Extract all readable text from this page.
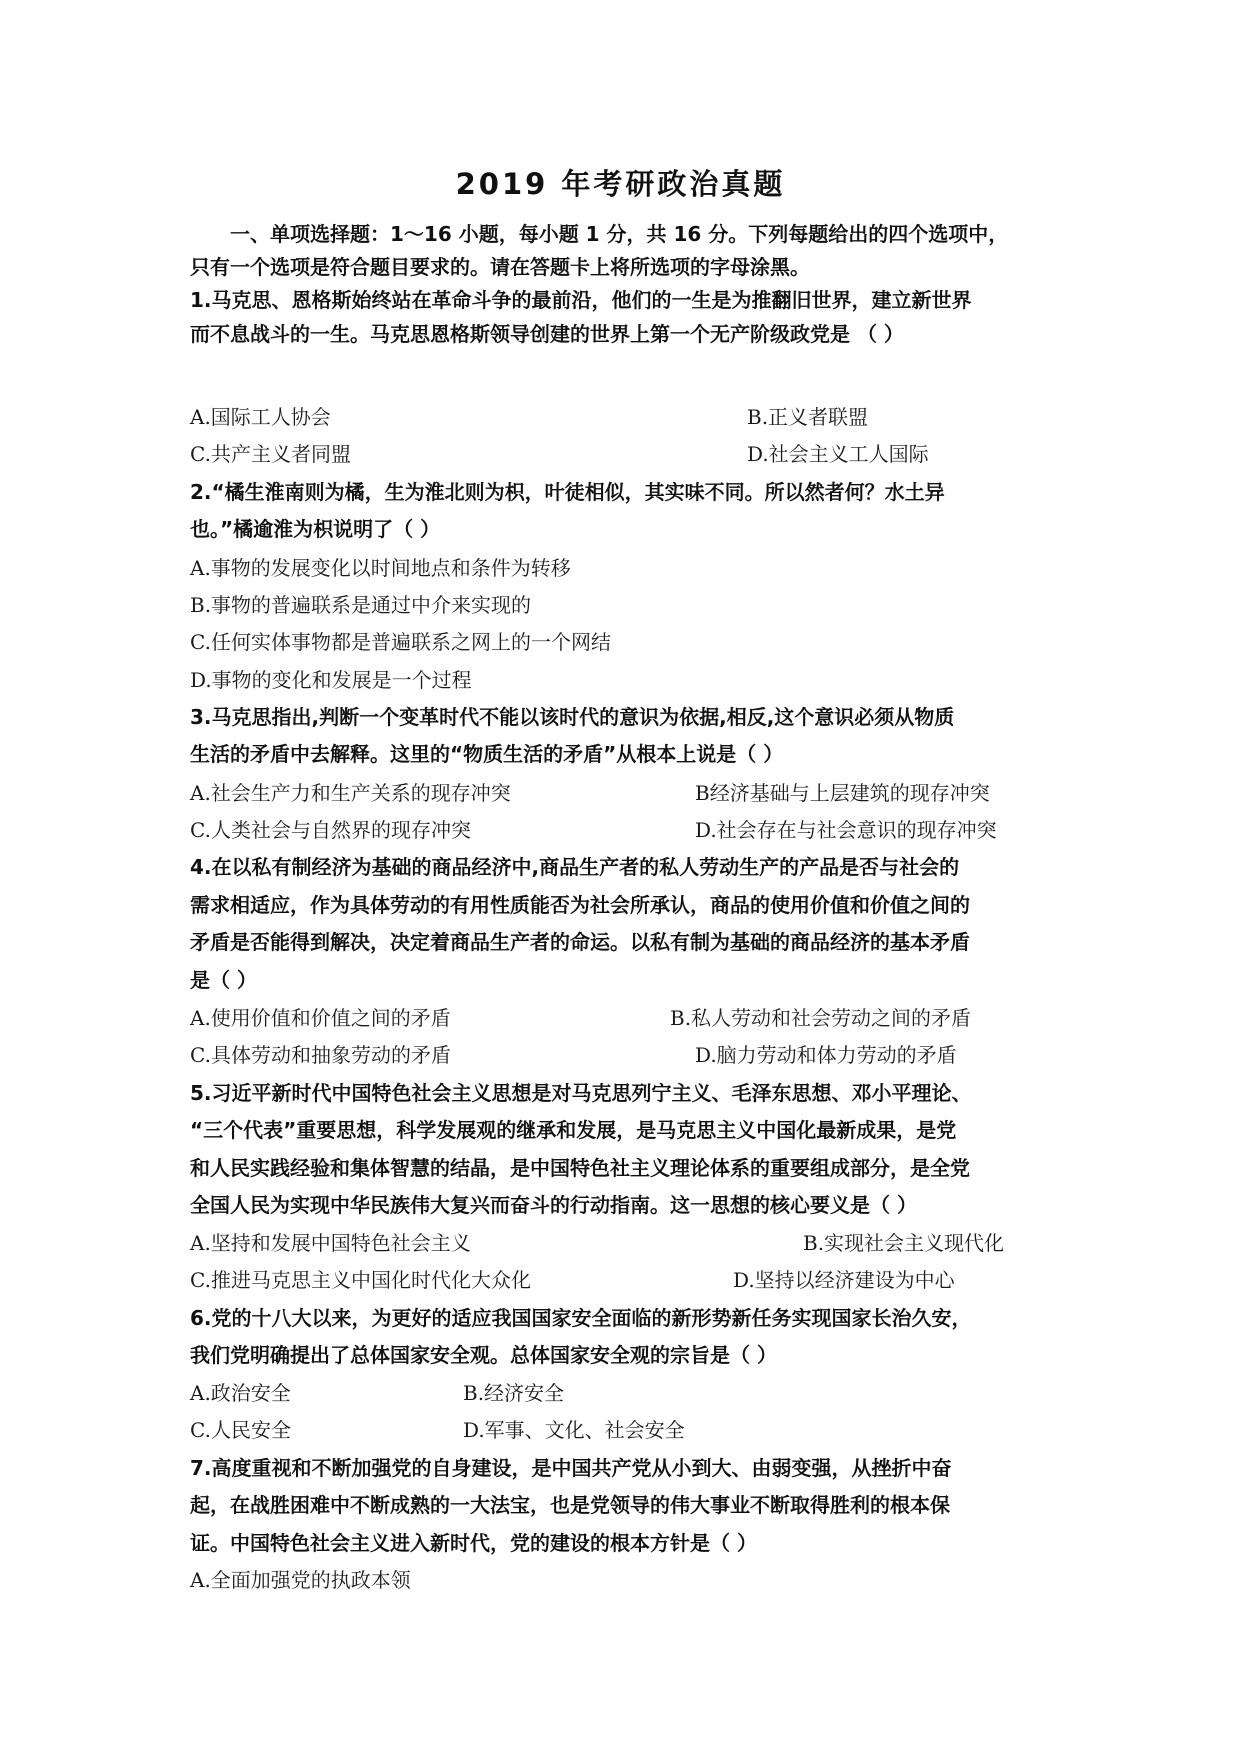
2019 年考研政治真题
一、单项选择题：1～16 小题，每小题 1 分，共 16 分。下列每题给出的四个选项中，
只有一个选项是符合题目要求的。请在答题卡上将所选项的字母涂黑。
1.马克思、恩格斯始终站在革命斗争的最前沿，他们的一生是为推翻旧世界，建立新世界
而不息战斗的一生。马克思恩格斯领导创建的世界上第一个无产阶级政党是 （ ）
A.国际工人协会	B.正义者联盟
C.共产主义者同盟	D.社会主义工人国际
2.“橘生淮南则为橘，生为淮北则为枳，叶徒相似，其实味不同。所以然者何？水土异
也。”橘逾淮为枳说明了（ ）
A.事物的发展变化以时间地点和条件为转移
B.事物的普遍联系是通过中介来实现的
C.任何实体事物都是普遍联系之网上的一个网结
D.事物的变化和发展是一个过程
3.马克思指出,判断一个变革时代不能以该时代的意识为依据,相反,这个意识必须从物质
生活的矛盾中去解释。这里的“物质生活的矛盾”从根本上说是（ ）
A.社会生产力和生产关系的现存冲突	B经济基础与上层建筑的现存冲突
C.人类社会与自然界的现存冲突	D.社会存在与社会意识的现存冲突
4.在以私有制经济为基础的商品经济中,商品生产者的私人劳动生产的产品是否与社会的
需求相适应，作为具体劳动的有用性质能否为社会所承认，商品的使用价值和价值之间的
矛盾是否能得到解决，决定着商品生产者的命运。以私有制为基础的商品经济的基本矛盾
是（ ）
A.使用价值和价值之间的矛盾	B.私人劳动和社会劳动之间的矛盾
C.具体劳动和抽象劳动的矛盾	D.脑力劳动和体力劳动的矛盾
5.习近平新时代中国特色社会主义思想是对马克思列宁主义、毛泽东思想、邓小平理论、
“三个代表”重要思想，科学发展观的继承和发展，是马克思主义中国化最新成果，是党
和人民实践经验和集体智慧的结晶，是中国特色社主义理论体系的重要组成部分，是全党
全国人民为实现中华民族伟大复兴而奋斗的行动指南。这一思想的核心要义是（ ）
A.坚持和发展中国特色社会主义	B.实现社会主义现代化
C.推进马克思主义中国化时代化大众化	D.坚持以经济建设为中心
6.党的十八大以来，为更好的适应我国国家安全面临的新形势新任务实现国家长治久安，
我们党明确提出了总体国家安全观。总体国家安全观的宗旨是（ ）
A.政治安全	B.经济安全
C.人民安全	D.军事、文化、社会安全
7.高度重视和不断加强党的自身建设，是中国共产党从小到大、由弱变强，从挫折中奋
起，在战胜困难中不断成熟的一大法宝，也是党领导的伟大事业不断取得胜利的根本保
证。中国特色社会主义进入新时代，党的建设的根本方针是（ ）
A.全面加强党的执政本领
